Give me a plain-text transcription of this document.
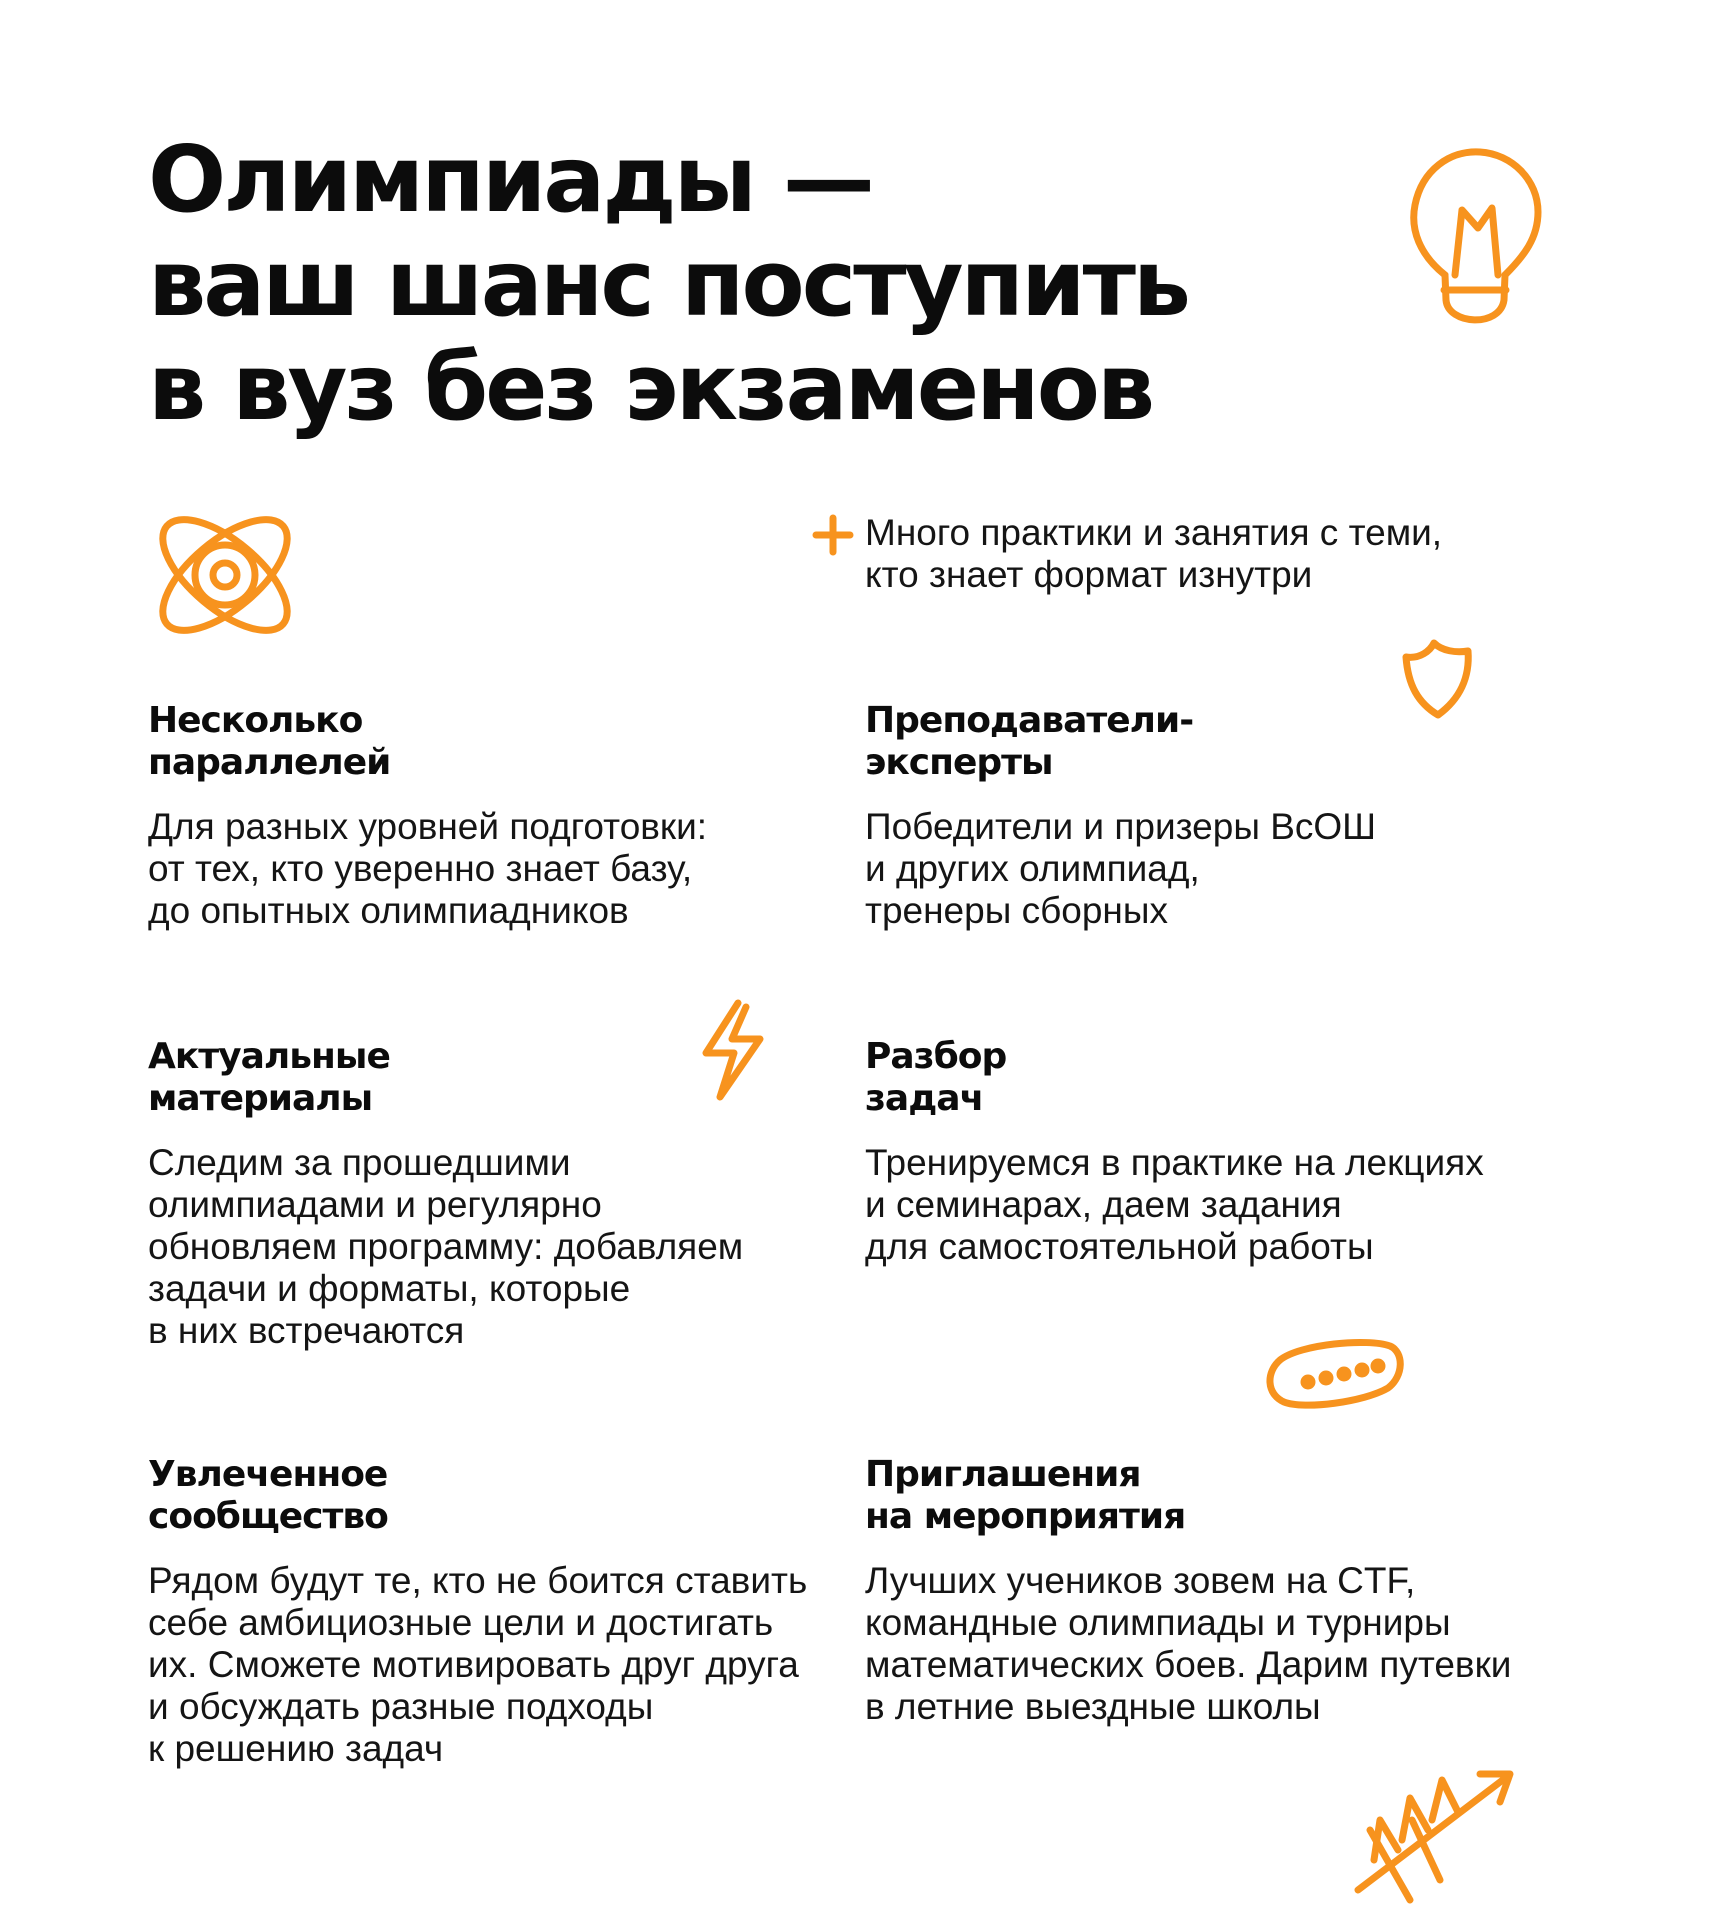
Олимпиады —
ваш шанс поступить
в вуз без экзаменов
Много практики и занятия с теми,
кто знает формат изнутри
Несколько
параллелей

Для разных уровней подготовки:
от тех, кто уверенно знает базу,
до опытных олимпиадников

Преподаватели-
эксперты

Победители и призеры ВсОШ
и других олимпиад,
тренеры сборных

Актуальные
материалы

Следим за прошедшими
олимпиадами и регулярно
обновляем программу: добавляем
задачи и форматы, которые
в них встречаются

Разбор
задач

Тренируемся в практике на лекциях
и семинарах, даем задания
для самостоятельной работы

Увлеченное
сообщество

Рядом будут те, кто не боится ставить
себе амбициозные цели и достигать
их. Сможете мотивировать друг друга
и обсуждать разные подходы
к решению задач

Приглашения
на мероприятия

Лучших учеников зовем на CTF,
командные олимпиады и турниры
математических боев. Дарим путевки
в летние выездные школы
